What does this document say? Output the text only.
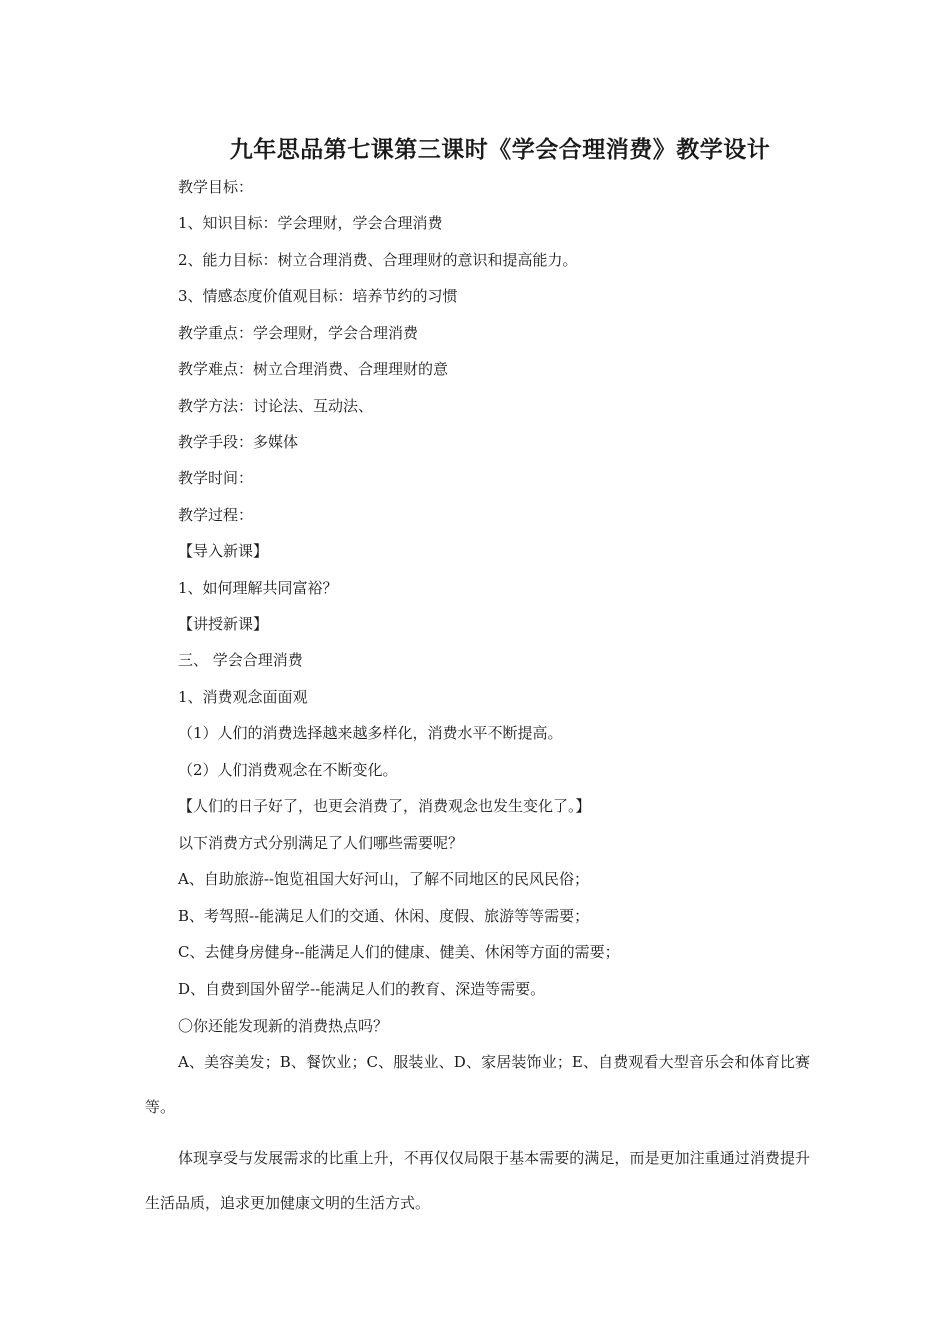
九年思品第七课第三课时《学会合理消费》教学设计
教学目标：
1、知识目标：学会理财，学会合理消费
2、能力目标：树立合理消费、合理理财的意识和提高能力。
3、情感态度价值观目标：培养节约的习惯
教学重点：学会理财，学会合理消费
教学难点：树立合理消费、合理理财的意
教学方法：讨论法、互动法、
教学手段：多媒体
教学时间：
教学过程：
【导入新课】
1、如何理解共同富裕？
【讲授新课】
三、 学会合理消费
1、消费观念面面观
（1）人们的消费选择越来越多样化，消费水平不断提高。
（2）人们消费观念在不断变化。
【人们的日子好了，也更会消费了，消费观念也发生变化了。】
以下消费方式分别满足了人们哪些需要呢？
A、自助旅游--饱览祖国大好河山，了解不同地区的民风民俗；
B、考驾照--能满足人们的交通、休闲、度假、旅游等等需要；
C、去健身房健身--能满足人们的健康、健美、休闲等方面的需要；
D、自费到国外留学--能满足人们的教育、深造等需要。
〇你还能发现新的消费热点吗？
A、美容美发；B、餐饮业；C、服装业、D、家居装饰业；E、自费观看大型音乐会和体育比赛等。
体现享受与发展需求的比重上升，不再仅仅局限于基本需要的满足，而是更加注重通过消费提升生活品质，追求更加健康文明的生活方式。
